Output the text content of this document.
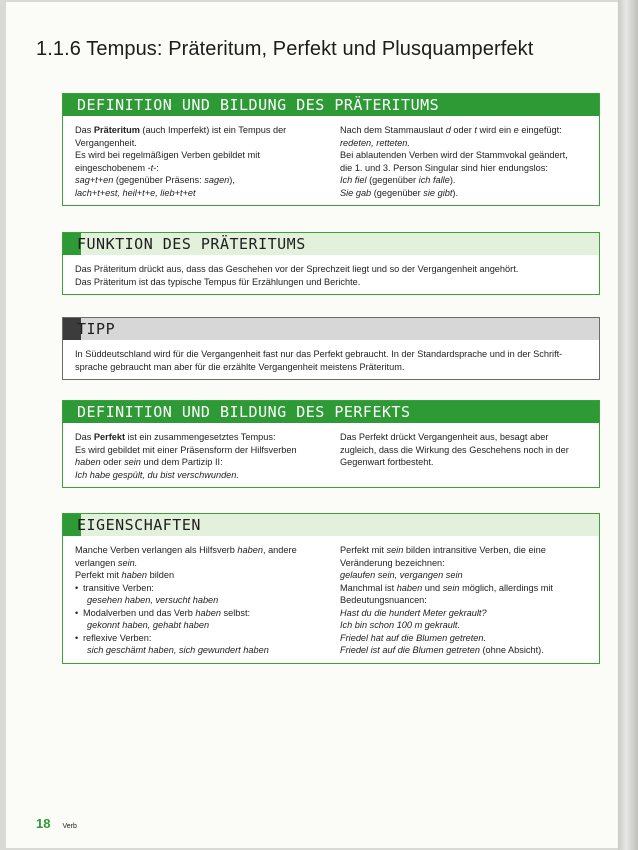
1.1.6 Tempus: Präteritum, Perfekt und Plusquamperfekt
DEFINITION UND BILDUNG DES PRÄTERITUMS
Das Präteritum (auch Imperfekt) ist ein Tempus der
Vergangenheit.
Es wird bei regelmäßigen Verben gebildet mit
eingeschobenem -t-:
sag+t+en (gegenüber Präsens: sagen),
lach+t+est, heil+t+e, lieb+t+et
Nach dem Stammauslaut d oder t wird ein e eingefügt:
redeten, retteten.
Bei ablautenden Verben wird der Stammvokal geändert,
die 1. und 3. Person Singular sind hier endungslos:
Ich fiel (gegenüber ich falle).
Sie gab (gegenüber sie gibt).
FUNKTION DES PRÄTERITUMS
Das Präteritum drückt aus, dass das Geschehen vor der Sprechzeit liegt und so der Vergangenheit angehört.
Das Präteritum ist das typische Tempus für Erzählungen und Berichte.
TIPP
In Süddeutschland wird für die Vergangenheit fast nur das Perfekt gebraucht. In der Standardsprache und in der Schrift-
sprache gebraucht man aber für die erzählte Vergangenheit meistens Präteritum.
DEFINITION UND BILDUNG DES PERFEKTS
Das Perfekt ist ein zusammengesetztes Tempus:
Es wird gebildet mit einer Präsensform der Hilfsverben
haben oder sein und dem Partizip II:
Ich habe gespült, du bist verschwunden.
Das Perfekt drückt Vergangenheit aus, besagt aber
zugleich, dass die Wirkung des Geschehens noch in der
Gegenwart fortbesteht.
EIGENSCHAFTEN
Manche Verben verlangen als Hilfsverb haben, andere
verlangen sein.
Perfekt mit haben bilden
• transitive Verben:
gesehen haben, versucht haben
• Modalverben und das Verb haben selbst:
gekonnt haben, gehabt haben
• reflexive Verben:
sich geschämt haben, sich gewundert haben
Perfekt mit sein bilden intransitive Verben, die eine
Veränderung bezeichnen:
gelaufen sein, vergangen sein
Manchmal ist haben und sein möglich, allerdings mit
Bedeutungsnuancen:
Hast du die hundert Meter gekrault?
Ich bin schon 100 m gekrault.
Friedel hat auf die Blumen getreten.
Friedel ist auf die Blumen getreten (ohne Absicht).
18 Verb
